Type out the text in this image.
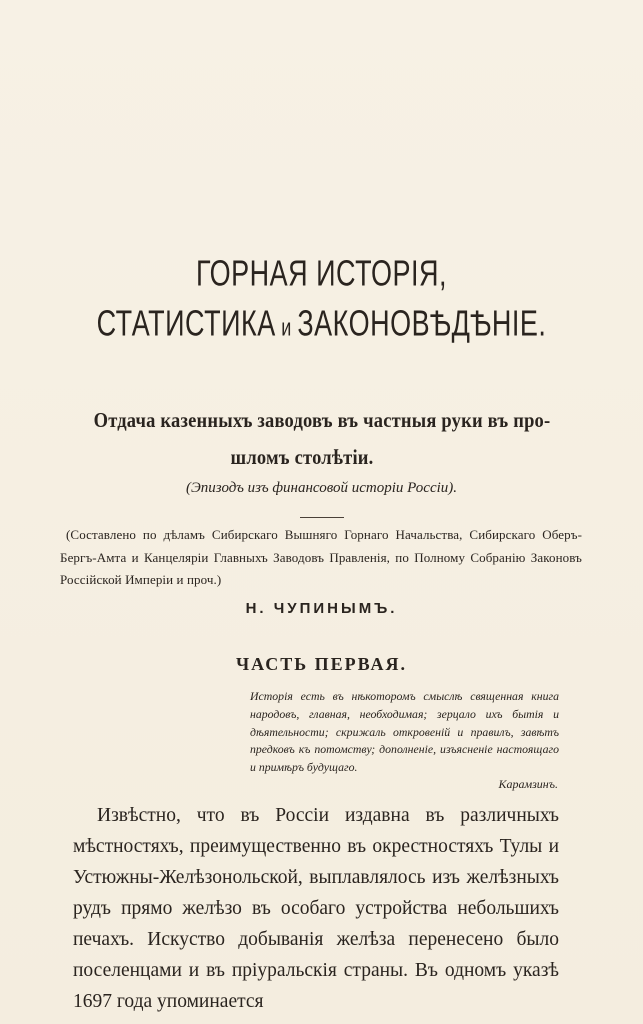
ГОРНАЯ ИСТОРІЯ,
СТАТИСТИКА и ЗАКОНОВѢДѢНІЕ.
Отдача казенныхъ заводовъ въ частныя руки въ про-
шломъ столѣтіи.
(Эпизодъ изъ финансовой исторіи Россіи).
(Составлено по дѣламъ Сибирскаго Вышняго Горнаго Начальства, Сибирскаго Оберъ-Бергъ-Амта и Канцеляріи Главныхъ Заводовъ Правленія, по Полному Собранію Законовъ Россійской Имперіи и проч.)
Н. ЧУПИНЫМЪ.
ЧАСТЬ ПЕРВАЯ.
Исторія есть въ нѣкоторомъ смыслѣ священная книга народовъ, главная, необходимая; зерцало ихъ бытія и дѣятельности; скрижаль откровеній и правилъ, завѣтъ предковъ къ потомству; дополненіе, изъясненіе настоящаго и примѣръ будущаго.
Карамзинъ.

Извѣстно, что въ Россіи издавна въ различныхъ мѣстностяхъ, преимущественно въ окрестностяхъ Тулы и Устюжны-Желѣзонольской, выплавлялось изъ желѣзныхъ рудъ прямо желѣзо въ особаго устройства небольшихъ печахъ. Искуство добыванія желѣза перенесено было поселенцами и въ пріуральскія страны. Въ одномъ указѣ 1697 года упоминается
